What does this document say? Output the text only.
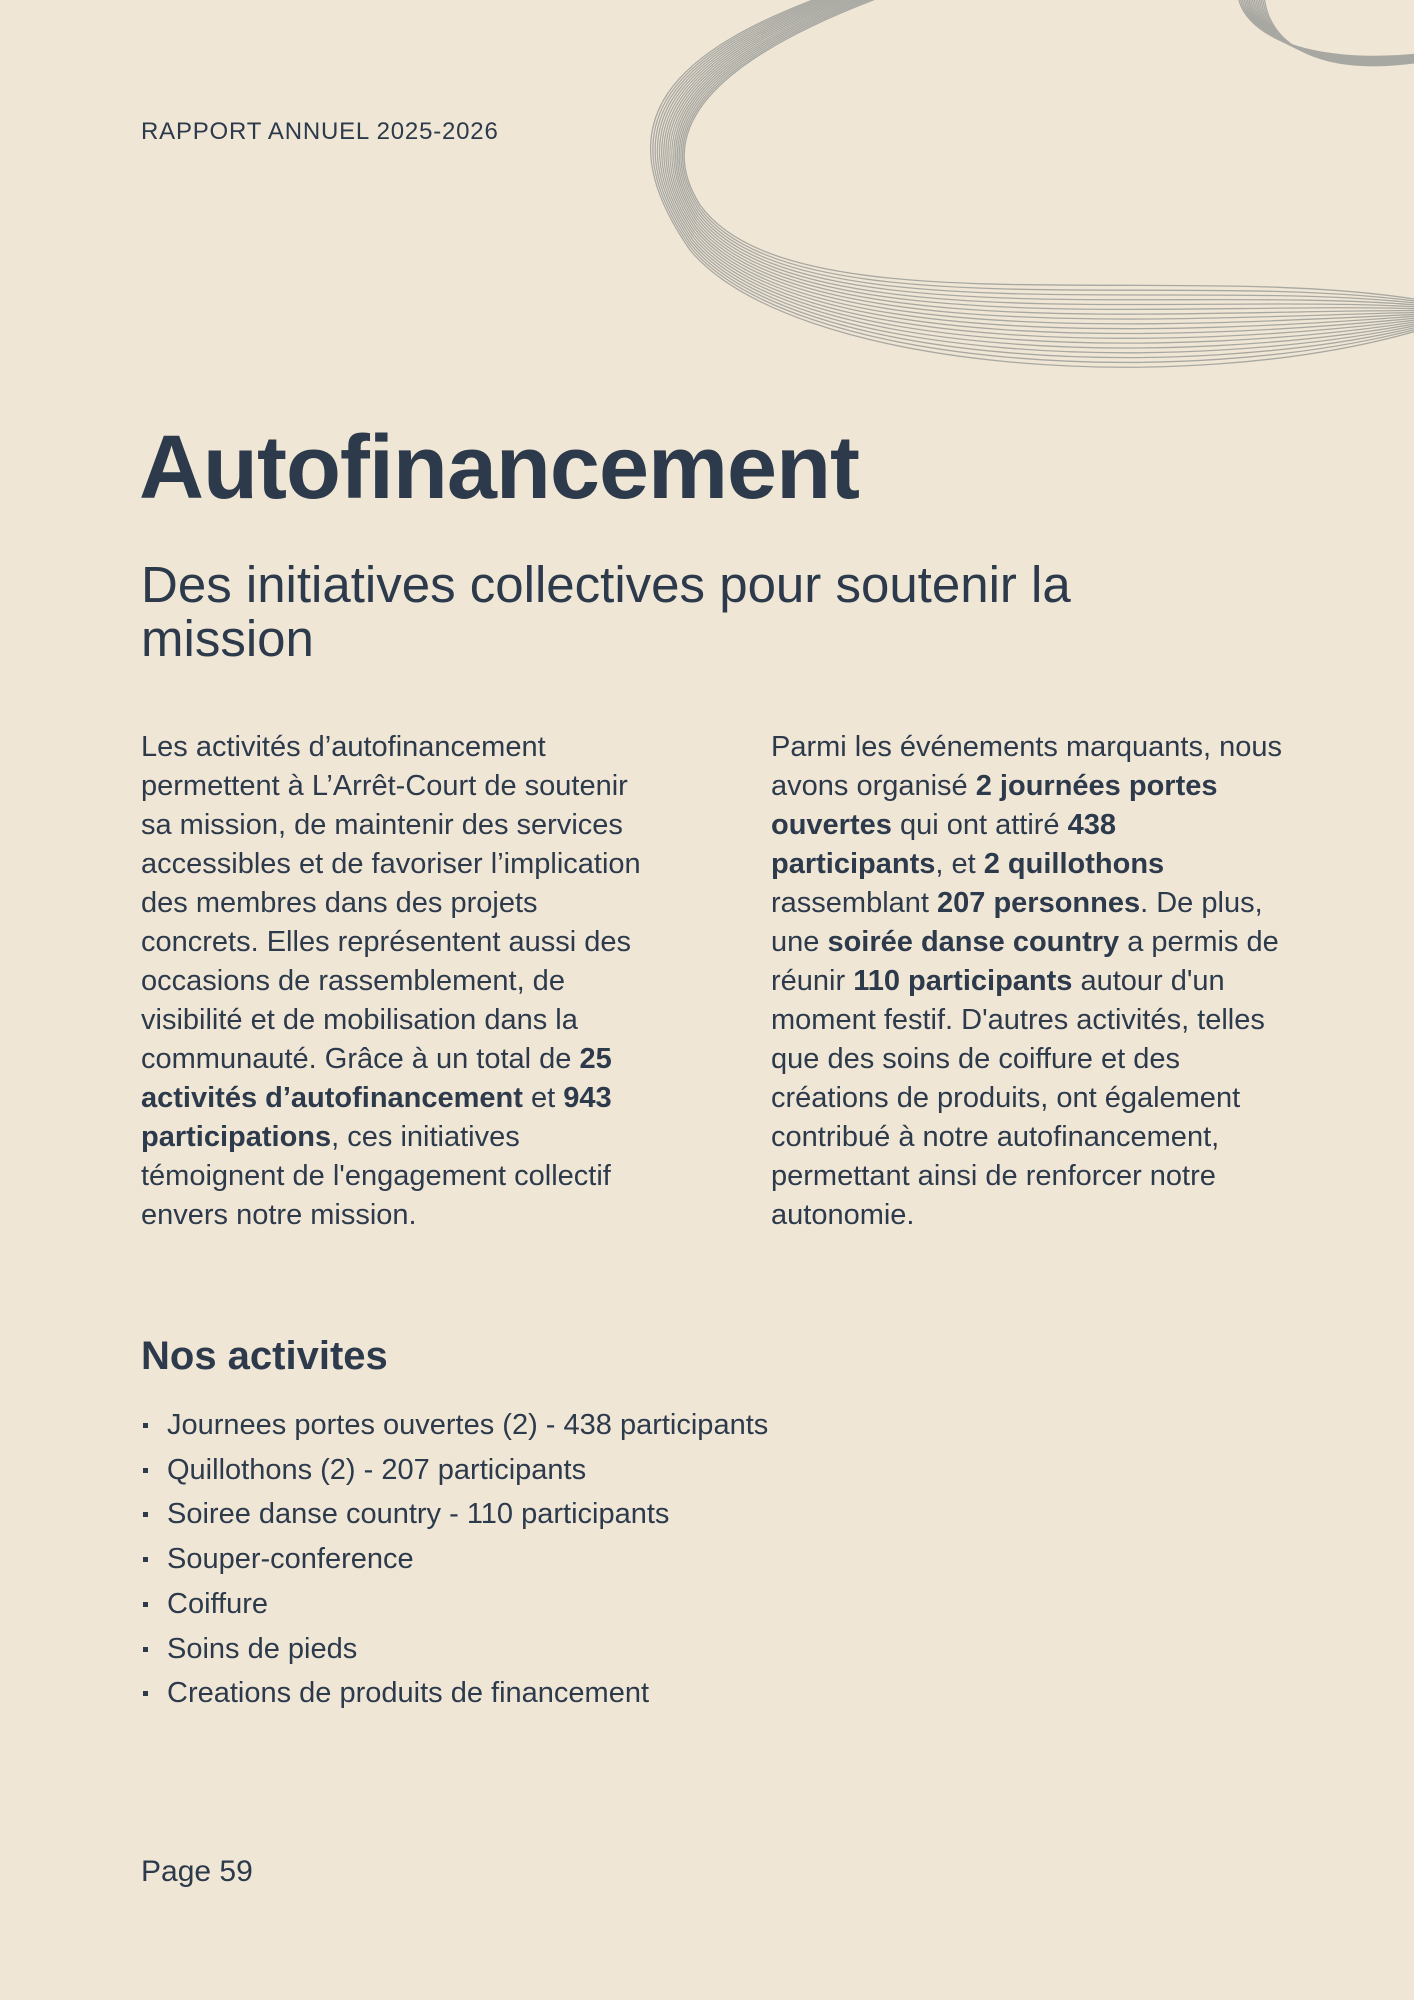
RAPPORT ANNUEL 2025-2026
Autofinancement
Des initiatives collectives pour soutenir la mission

Les activités d’autofinancement permettent à L’Arrêt-Court de soutenir sa mission, de maintenir des services accessibles et de favoriser l’implication des membres dans des projets concrets. Elles représentent aussi des occasions de rassemblement, de visibilité et de mobilisation dans la communauté. Grâce à un total de 25 activités d’autofinancement et 943 participations, ces initiatives témoignent de l'engagement collectif envers notre mission.

Parmi les événements marquants, nous avons organisé 2 journées portes ouvertes qui ont attiré 438 participants, et 2 quillothons rassemblant 207 personnes. De plus, une soirée danse country a permis de réunir 110 participants autour d'un moment festif. D'autres activités, telles que des soins de coiffure et des créations de produits, ont également contribué à notre autofinancement, permettant ainsi de renforcer notre autonomie.

Nos activites
Journees portes ouvertes (2) - 438 participants
Quillothons (2) - 207 participants
Soiree danse country - 110 participants
Souper-conference
Coiffure
Soins de pieds
Creations de produits de financement
Page 59
